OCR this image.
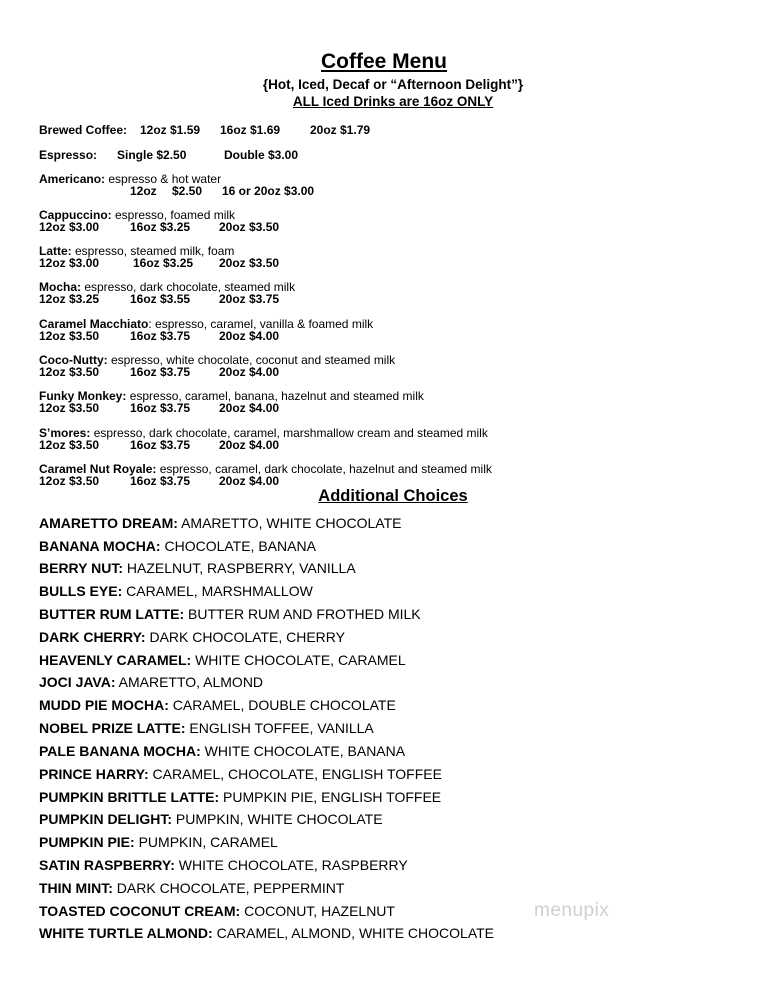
Coffee Menu
{Hot, Iced, Decaf or “Afternoon Delight”}
ALL Iced Drinks are 16oz ONLY
Brewed Coffee: 12oz $1.59 16oz $1.69 20oz $1.79
Espresso: Single $2.50	Double $3.00
Americano: espresso & hot water
12oz $2.50 16 or 20oz $3.00
Cappuccino: espresso, foamed milk
12oz $3.00	16oz $3.25 20oz $3.50
Latte: espresso, steamed milk, foam
12oz $3.00	16oz $3.25 20oz $3.50
Mocha: espresso, dark chocolate, steamed milk
12oz $3.25	16oz $3.55 20oz $3.75
Caramel Macchiato: espresso, caramel, vanilla & foamed milk
12oz $3.50	16oz $3.75 20oz $4.00
Coco-Nutty: espresso, white chocolate, coconut and steamed milk
12oz $3.50	16oz $3.75 20oz $4.00
Funky Monkey: espresso, caramel, banana, hazelnut and steamed milk
12oz $3.50	16oz $3.75 20oz $4.00
S’mores: espresso, dark chocolate, caramel, marshmallow cream and steamed milk
12oz $3.50	16oz $3.75 20oz $4.00
Caramel Nut Royale: espresso, caramel, dark chocolate, hazelnut and steamed milk
12oz $3.50	16oz $3.75 20oz $4.00
Additional Choices
AMARETTO DREAM: AMARETTO, WHITE CHOCOLATE
BANANA MOCHA: CHOCOLATE, BANANA
BERRY NUT: HAZELNUT, RASPBERRY, VANILLA
BULLS EYE: CARAMEL, MARSHMALLOW
BUTTER RUM LATTE: BUTTER RUM AND FROTHED MILK
DARK CHERRY: DARK CHOCOLATE, CHERRY
HEAVENLY CARAMEL: WHITE CHOCOLATE, CARAMEL
JOCI JAVA: AMARETTO, ALMOND
MUDD PIE MOCHA: CARAMEL, DOUBLE CHOCOLATE
NOBEL PRIZE LATTE: ENGLISH TOFFEE, VANILLA
PALE BANANA MOCHA: WHITE CHOCOLATE, BANANA
PRINCE HARRY: CARAMEL, CHOCOLATE, ENGLISH TOFFEE
PUMPKIN BRITTLE LATTE: PUMPKIN PIE, ENGLISH TOFFEE
PUMPKIN DELIGHT: PUMPKIN, WHITE CHOCOLATE
PUMPKIN PIE: PUMPKIN, CARAMEL
SATIN RASPBERRY: WHITE CHOCOLATE, RASPBERRY
THIN MINT: DARK CHOCOLATE, PEPPERMINT
TOASTED COCONUT CREAM: COCONUT, HAZELNUT
WHITE TURTLE ALMOND: CARAMEL, ALMOND, WHITE CHOCOLATE
menupix
